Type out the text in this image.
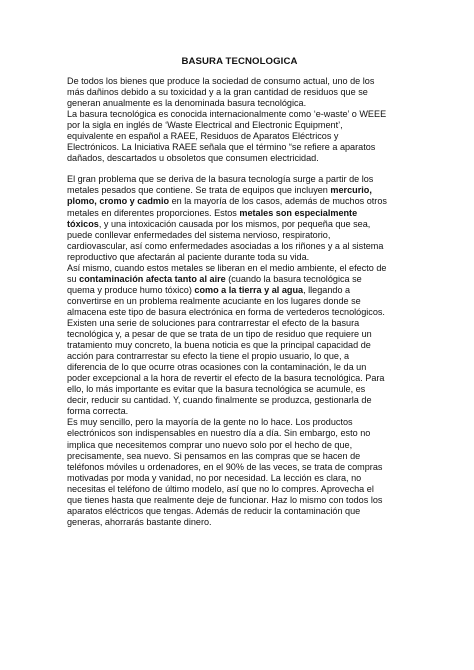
BASURA TECNOLOGICA
De todos los bienes que produce la sociedad de consumo actual, uno de los
más dañinos debido a su toxicidad y a la gran cantidad de residuos que se
generan anualmente es la denominada basura tecnológica.
La basura tecnológica es conocida internacionalmente como ‘e-waste’ o WEEE
por la sigla en inglés de ‘Waste Electrical and Electronic Equipment’,
equivalente en español a RAEE, Residuos de Aparatos Eléctricos y
Electrónicos. La Iniciativa RAEE señala que el término “se refiere a aparatos
dañados, descartados u obsoletos que consumen electricidad.
El gran problema que se deriva de la basura tecnología surge a partir de los
metales pesados que contiene. Se trata de equipos que incluyen mercurio,
plomo, cromo y cadmio en la mayoría de los casos, además de muchos otros
metales en diferentes proporciones. Estos metales son especialmente
tóxicos, y una intoxicación causada por los mismos, por pequeña que sea,
puede conllevar enfermedades del sistema nervioso, respiratorio,
cardiovascular, así como enfermedades asociadas a los riñones y a al sistema
reproductivo que afectarán al paciente durante toda su vida.
Así mismo, cuando estos metales se liberan en el medio ambiente, el efecto de
su contaminación afecta tanto al aire (cuando la basura tecnológica se
quema y produce humo tóxico) como a la tierra y al agua, llegando a
convertirse en un problema realmente acuciante en los lugares donde se
almacena este tipo de basura electrónica en forma de vertederos tecnológicos.
Existen una serie de soluciones para contrarrestar el efecto de la basura
tecnológica y, a pesar de que se trata de un tipo de residuo que requiere un
tratamiento muy concreto, la buena noticia es que la principal capacidad de
acción para contrarrestar su efecto la tiene el propio usuario, lo que, a
diferencia de lo que ocurre otras ocasiones con la contaminación, le da un
poder excepcional a la hora de revertir el efecto de la basura tecnológica. Para
ello, lo más importante es evitar que la basura tecnológica se acumule, es
decir, reducir su cantidad. Y, cuando finalmente se produzca, gestionarla de
forma correcta.
Es muy sencillo, pero la mayoría de la gente no lo hace. Los productos
electrónicos son indispensables en nuestro día a día. Sin embargo, esto no
implica que necesitemos comprar uno nuevo solo por el hecho de que,
precisamente, sea nuevo. Si pensamos en las compras que se hacen de
teléfonos móviles u ordenadores, en el 90% de las veces, se trata de compras
motivadas por moda y vanidad, no por necesidad. La lección es clara, no
necesitas el teléfono de último modelo, así que no lo compres. Aprovecha el
que tienes hasta que realmente deje de funcionar. Haz lo mismo con todos los
aparatos eléctricos que tengas. Además de reducir la contaminación que
generas, ahorrarás bastante dinero.
